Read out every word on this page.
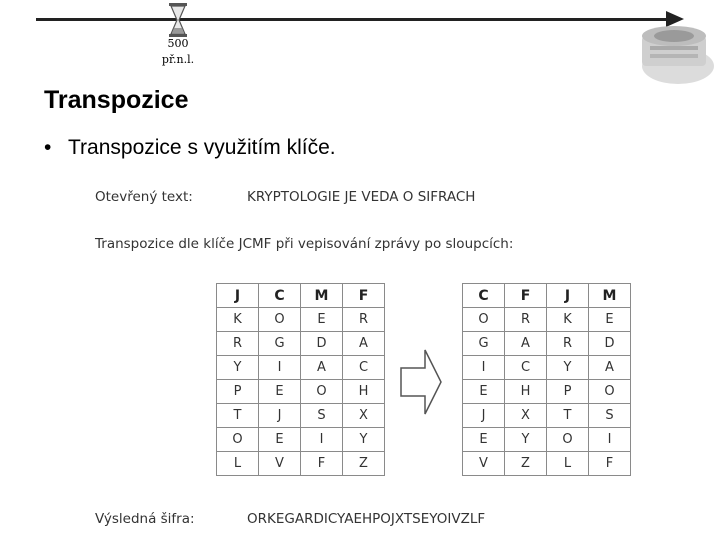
500
př.n.l.
Transpozice
• Transpozice s využitím klíče.
Otevřený text:	KRYPTOLOGIE JE VEDA O SIFRACH
Transpozice dle klíče JCMF při vepisování zprávy po sloupcích:
J	C	M	F
K	O	E	R
R	G	D	A
Y	I	A	C
P	E	O	H
T	J	S	X
O	E	I	Y
L	V	F	Z
C	F	J	M
O	R	K	E
G	A	R	D
I	C	Y	A
E	H	P	O
J	X	T	S
E	Y	O	I
V	Z	L	F
Výsledná šifra:	ORKEGARDICYAEHPOJXTSEYOIVZLF
